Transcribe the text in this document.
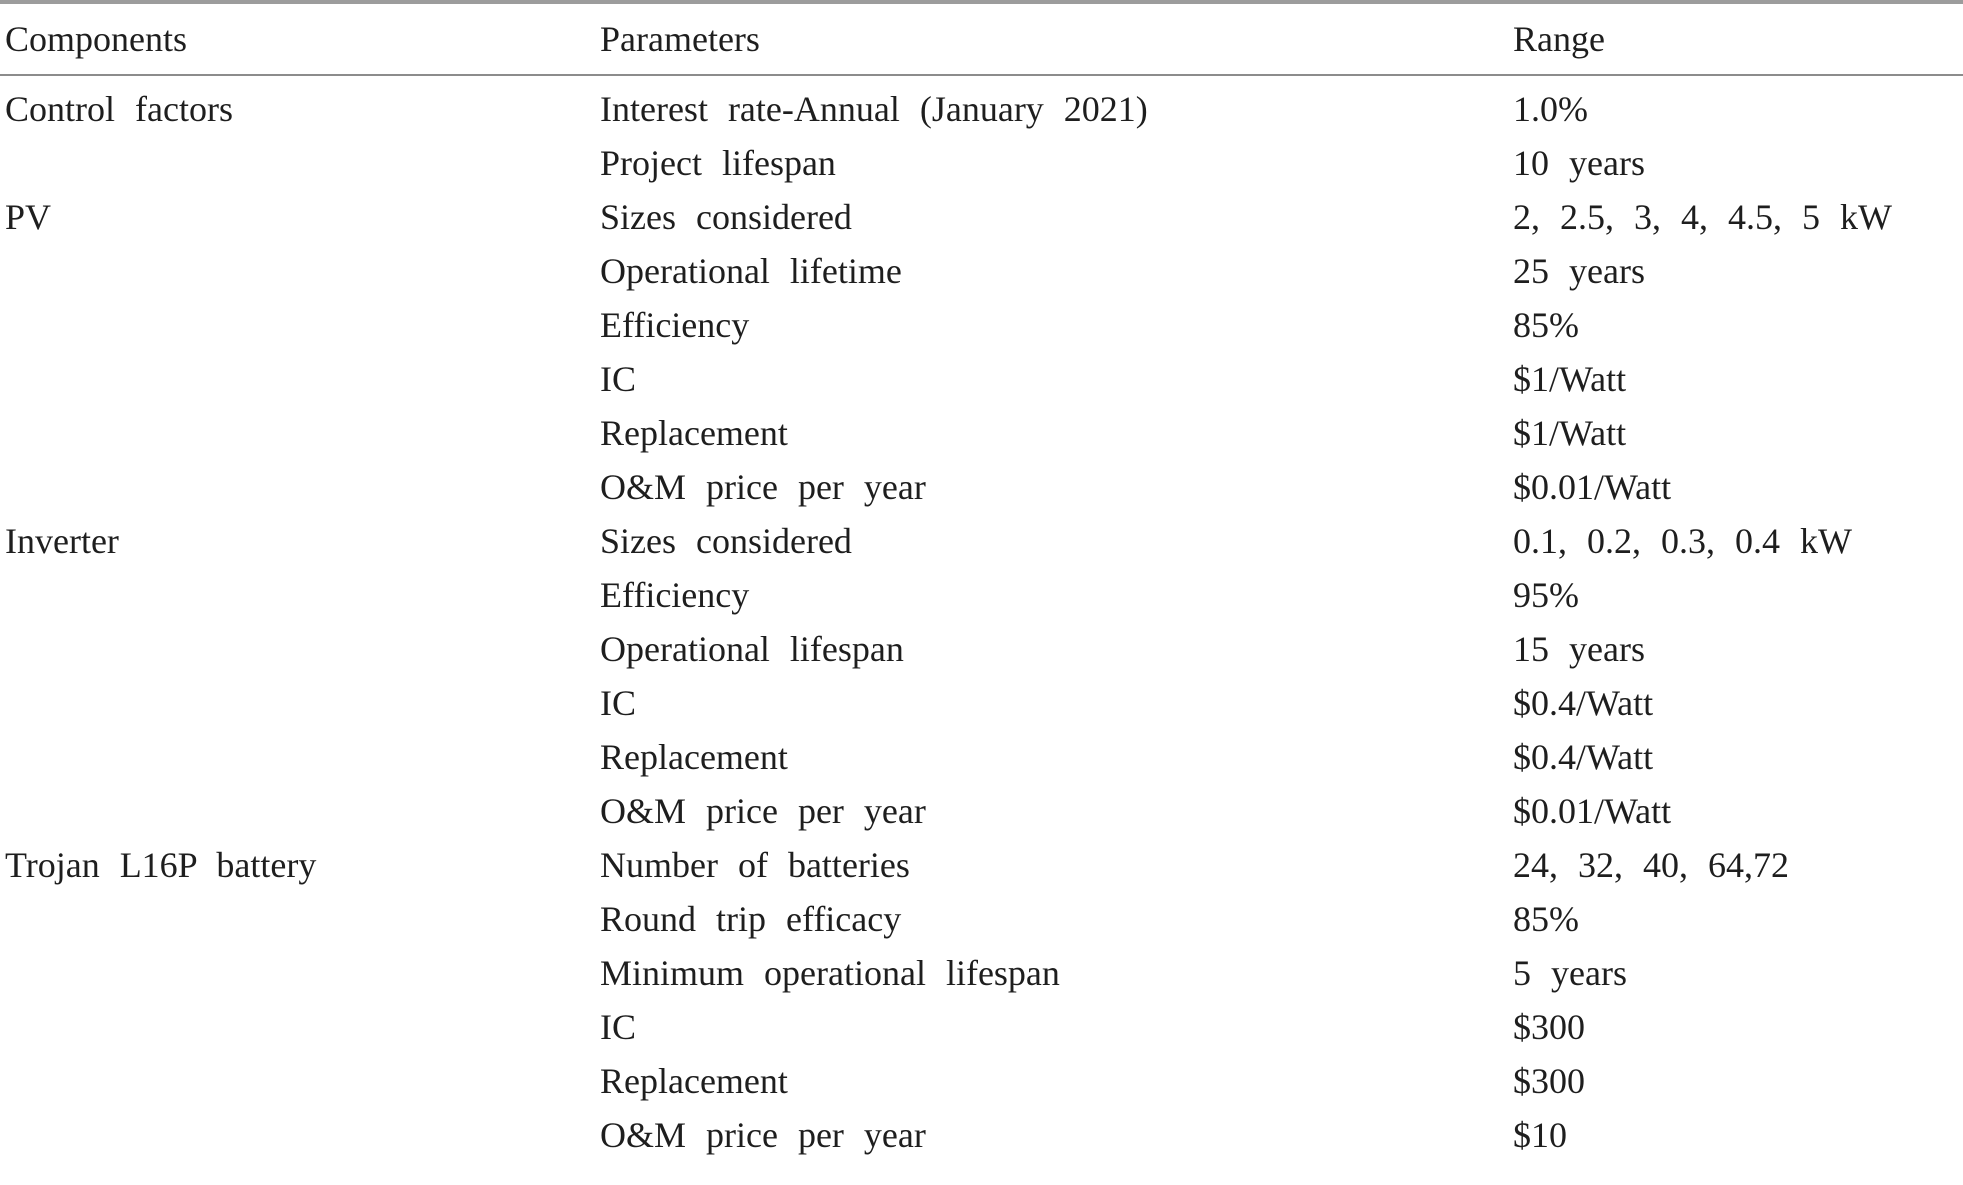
Components	Parameters	Range
Control factors	Interest rate-Annual (January 2021)	1.0%
	Project lifespan	10 years
PV	Sizes considered	2, 2.5, 3, 4, 4.5, 5 kW
	Operational lifetime	25 years
	Efficiency	85%
	IC	$1/Watt
	Replacement	$1/Watt
	O&M price per year	$0.01/Watt
Inverter	Sizes considered	0.1, 0.2, 0.3, 0.4 kW
	Efficiency	95%
	Operational lifespan	15 years
	IC	$0.4/Watt
	Replacement	$0.4/Watt
	O&M price per year	$0.01/Watt
Trojan L16P battery	Number of batteries	24, 32, 40, 64,72
	Round trip efficacy	85%
	Minimum operational lifespan	5 years
	IC	$300
	Replacement	$300
	O&M price per year	$10
